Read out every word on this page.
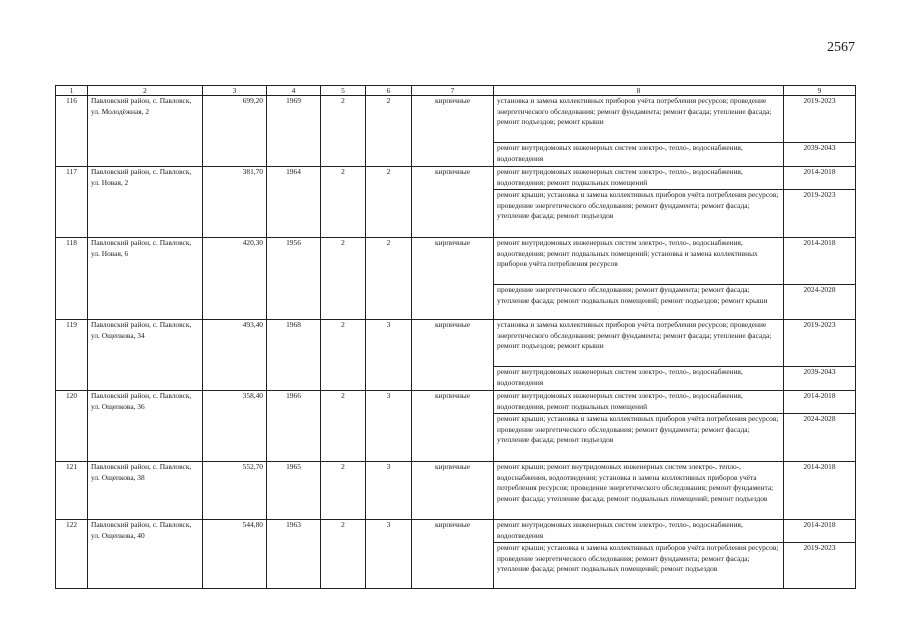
2567
1	2	3	4	5	6	7	8	9
116	Павловский район, с. Павловск, ул. Молодёжная, 2	699,20	1969	2	2	кирпичные	установка и замена коллективных приборов учёта потребления ресурсов; проведение энергетического обследования; ремонт фундамента; ремонт фасада; утепление фасада; ремонт подъездов; ремонт крыши	2019-2023
							ремонт внутридомовых инженерных систем электро-, тепло-, водоснабжения, водоотведения	2039-2043
117	Павловский район, с. Павловск, ул. Новая, 2	381,70	1964	2	2	кирпичные	ремонт внутридомовых инженерных систем электро-, тепло-, водоснабжения, водоотведения; ремонт подвальных помещений	2014-2018
							ремонт крыши; установка и замена коллективных приборов учёта потребления ресурсов; проведение энергетического обследования; ремонт фундамента; ремонт фасада; утепление фасада; ремонт подъездов	2019-2023
118	Павловский район, с. Павловск, ул. Новая, 6	420,30	1956	2	2	кирпичные	ремонт внутридомовых инженерных систем электро-, тепло-, водоснабжения, водоотведения; ремонт подвальных помещений; установка и замена коллективных приборов учёта потребления ресурсов	2014-2018
							проведение энергетического обследования; ремонт фундамента; ремонт фасада; утепление фасада; ремонт подвальных помещений; ремонт подъездов; ремонт крыши	2024-2028
119	Павловский район, с. Павловск, ул. Ощепкова, 34	493,40	1968	2	3	кирпичные	установка и замена коллективных приборов учёта потребления ресурсов; проведение энергетического обследования; ремонт фундамента; ремонт фасада; утепление фасада; ремонт подъездов; ремонт крыши	2019-2023
							ремонт внутридомовых инженерных систем электро-, тепло-, водоснабжения, водоотведения	2039-2043
120	Павловский район, с. Павловск, ул. Ощепкова, 36	358,40	1966	2	3	кирпичные	ремонт внутридомовых инженерных систем электро-, тепло-, водоснабжения, водоотведения, ремонт подвальных помещений	2014-2018
							ремонт крыши; установка и замена коллективных приборов учёта потребления ресурсов; проведение энергетического обследования; ремонт фундамента; ремонт фасада; утепление фасада; ремонт подъездов	2024-2028
121	Павловский район, с. Павловск, ул. Ощепкова, 38	552,70	1965	2	3	кирпичные	ремонт крыши; ремонт внутридомовых инженерных систем электро-, тепло-, водоснабжения, водоотведения; установка и замена коллективных приборов учёта потребления ресурсов; проведение энергетического обследования; ремонт фундамента; ремонт фасада; утепление фасада; ремонт подвальных помещений; ремонт подъездов	2014-2018
122	Павловский район, с. Павловск, ул. Ощепкова, 40	544,80	1963	2	3	кирпичные	ремонт внутридомовых инженерных систем электро-, тепло-, водоснабжения, водоотведения	2014-2018
							ремонт крыши; установка и замена коллективных приборов учёта потребления ресурсов; проведение энергетического обследования; ремонт фундамента; ремонт фасада; утепление фасада; ремонт подвальных помещений; ремонт подъездов	2019-2023
